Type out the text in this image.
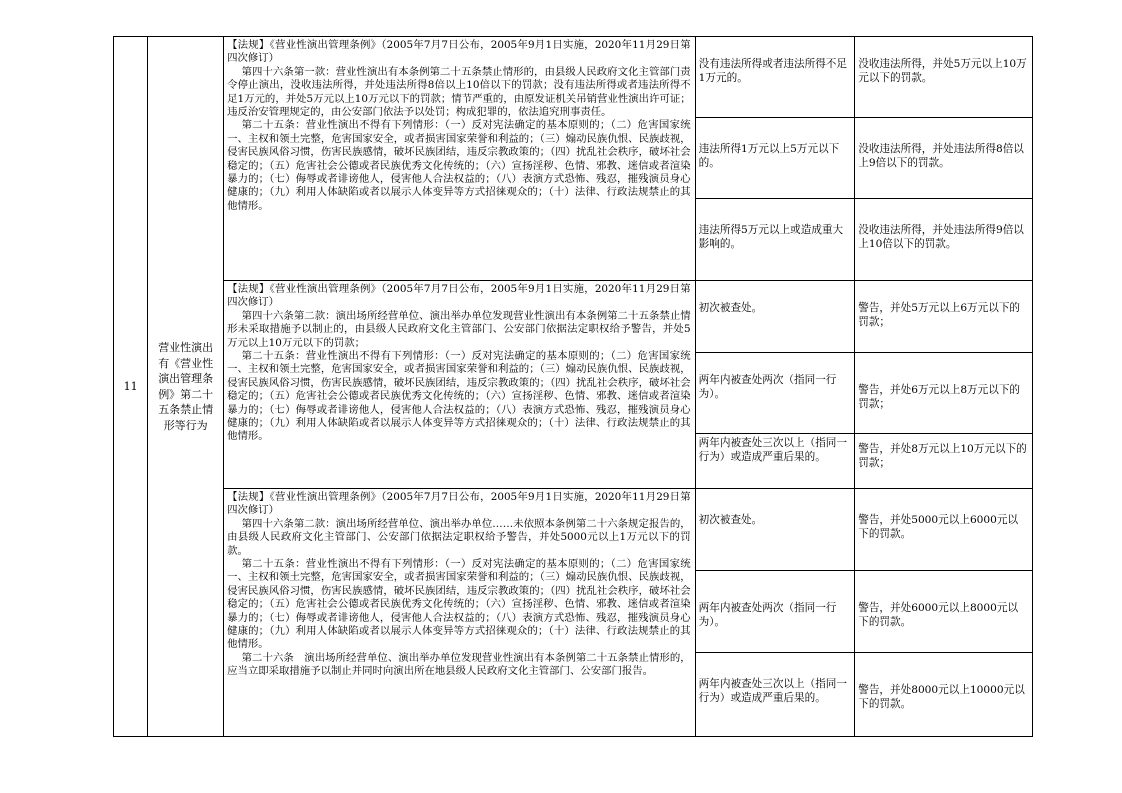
11	营业性演出有《营业性演出管理条例》第二十五条禁止情形等行为	【法规】《营业性演出管理条例》（2005年7月7日公布，2005年9月1日实施，2020年11月29日第四次修订）

第四十六条第一款：营业性演出有本条例第二十五条禁止情形的，由县级人民政府文化主管部门责令停止演出，没收违法所得，并处违法所得8倍以上10倍以下的罚款；没有违法所得或者违法所得不足1万元的，并处5万元以上10万元以下的罚款；情节严重的，由原发证机关吊销营业性演出许可证；违反治安管理规定的，由公安部门依法予以处罚；构成犯罪的，依法追究刑事责任。

第二十五条：营业性演出不得有下列情形：（一）反对宪法确定的基本原则的；（二）危害国家统一、主权和领土完整，危害国家安全，或者损害国家荣誉和利益的；（三）煽动民族仇恨、民族歧视，侵害民族风俗习惯，伤害民族感情，破坏民族团结，违反宗教政策的；（四）扰乱社会秩序，破坏社会稳定的；（五）危害社会公德或者民族优秀文化传统的；（六）宣扬淫秽、色情、邪教、迷信或者渲染暴力的；（七）侮辱或者诽谤他人，侵害他人合法权益的；（八）表演方式恐怖、残忍，摧残演员身心健康的；（九）利用人体缺陷或者以展示人体变异等方式招徕观众的；（十）法律、行政法规禁止的其他情形。	没有违法所得或者违法所得不足1万元的。	没收违法所得，并处5万元以上10万元以下的罚款。

			违法所得1万元以上5万元以下的。	没收违法所得，并处违法所得8倍以上9倍以下的罚款。

			违法所得5万元以上或造成重大影响的。	没收违法所得，并处违法所得9倍以上10倍以下的罚款。

		【法规】《营业性演出管理条例》（2005年7月7日公布，2005年9月1日实施，2020年11月29日第四次修订）

第四十六条第二款：演出场所经营单位、演出举办单位发现营业性演出有本条例第二十五条禁止情形未采取措施予以制止的，由县级人民政府文化主管部门、公安部门依据法定职权给予警告，并处5万元以上10万元以下的罚款；

第二十五条：营业性演出不得有下列情形：（一）反对宪法确定的基本原则的；（二）危害国家统一、主权和领土完整，危害国家安全，或者损害国家荣誉和利益的；（三）煽动民族仇恨、民族歧视，侵害民族风俗习惯，伤害民族感情，破坏民族团结，违反宗教政策的；（四）扰乱社会秩序，破坏社会稳定的；（五）危害社会公德或者民族优秀文化传统的；（六）宣扬淫秽、色情、邪教、迷信或者渲染暴力的；（七）侮辱或者诽谤他人，侵害他人合法权益的；（八）表演方式恐怖、残忍，摧残演员身心健康的；（九）利用人体缺陷或者以展示人体变异等方式招徕观众的；（十）法律、行政法规禁止的其他情形。	初次被查处。	警告，并处5万元以上6万元以下的罚款；

			两年内被查处两次（指同一行为）。	警告，并处6万元以上8万元以下的罚款；

			两年内被查处三次以上（指同一行为）或造成严重后果的。	警告，并处8万元以上10万元以下的罚款；

		【法规】《营业性演出管理条例》（2005年7月7日公布，2005年9月1日实施，2020年11月29日第四次修订）

第四十六条第二款：演出场所经营单位、演出举办单位……未依照本条例第二十六条规定报告的，由县级人民政府文化主管部门、公安部门依据法定职权给予警告，并处5000元以上1万元以下的罚款。

第二十五条：营业性演出不得有下列情形：（一）反对宪法确定的基本原则的；（二）危害国家统一、主权和领土完整，危害国家安全，或者损害国家荣誉和利益的；（三）煽动民族仇恨、民族歧视，侵害民族风俗习惯，伤害民族感情，破坏民族团结，违反宗教政策的；（四）扰乱社会秩序，破坏社会稳定的；（五）危害社会公德或者民族优秀文化传统的；（六）宣扬淫秽、色情、邪教、迷信或者渲染暴力的；（七）侮辱或者诽谤他人，侵害他人合法权益的；（八）表演方式恐怖、残忍，摧残演员身心健康的；（九）利用人体缺陷或者以展示人体变异等方式招徕观众的；（十）法律、行政法规禁止的其他情形。

第二十六条　演出场所经营单位、演出举办单位发现营业性演出有本条例第二十五条禁止情形的，应当立即采取措施予以制止并同时向演出所在地县级人民政府文化主管部门、公安部门报告。	初次被查处。	警告，并处5000元以上6000元以下的罚款。

			两年内被查处两次（指同一行为）。	警告，并处6000元以上8000元以下的罚款。

			两年内被查处三次以上（指同一行为）或造成严重后果的。	警告，并处8000元以上10000元以下的罚款。
